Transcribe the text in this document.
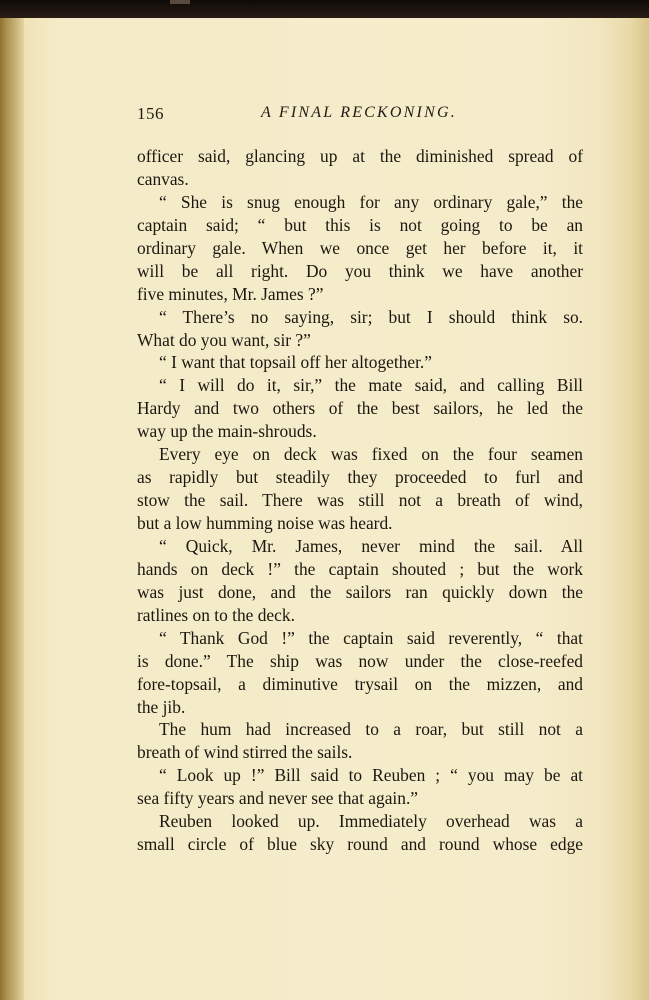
156	A FINAL RECKONING.
officer said, glancing up at the diminished spread of
canvas.
“ She is snug enough for any ordinary gale,” the
captain said; “ but this is not going to be an
ordinary gale. When we once get her before it, it
will be all right. Do you think we have another
five minutes, Mr. James ?”
“ There’s no saying, sir; but I should think so.
What do you want, sir ?”
“ I want that topsail off her altogether.”
“ I will do it, sir,” the mate said, and calling Bill
Hardy and two others of the best sailors, he led the
way up the main-shrouds.
Every eye on deck was fixed on the four seamen
as rapidly but steadily they proceeded to furl and
stow the sail. There was still not a breath of wind,
but a low humming noise was heard.
“ Quick, Mr. James, never mind the sail. All
hands on deck !” the captain shouted ; but the work
was just done, and the sailors ran quickly down the
ratlines on to the deck.
“ Thank God !” the captain said reverently, “ that
is done.” The ship was now under the close-reefed
fore-topsail, a diminutive trysail on the mizzen, and
the jib.
The hum had increased to a roar, but still not a
breath of wind stirred the sails.
“ Look up !” Bill said to Reuben ; “ you may be at
sea fifty years and never see that again.”
Reuben looked up. Immediately overhead was a
small circle of blue sky round and round whose edge
